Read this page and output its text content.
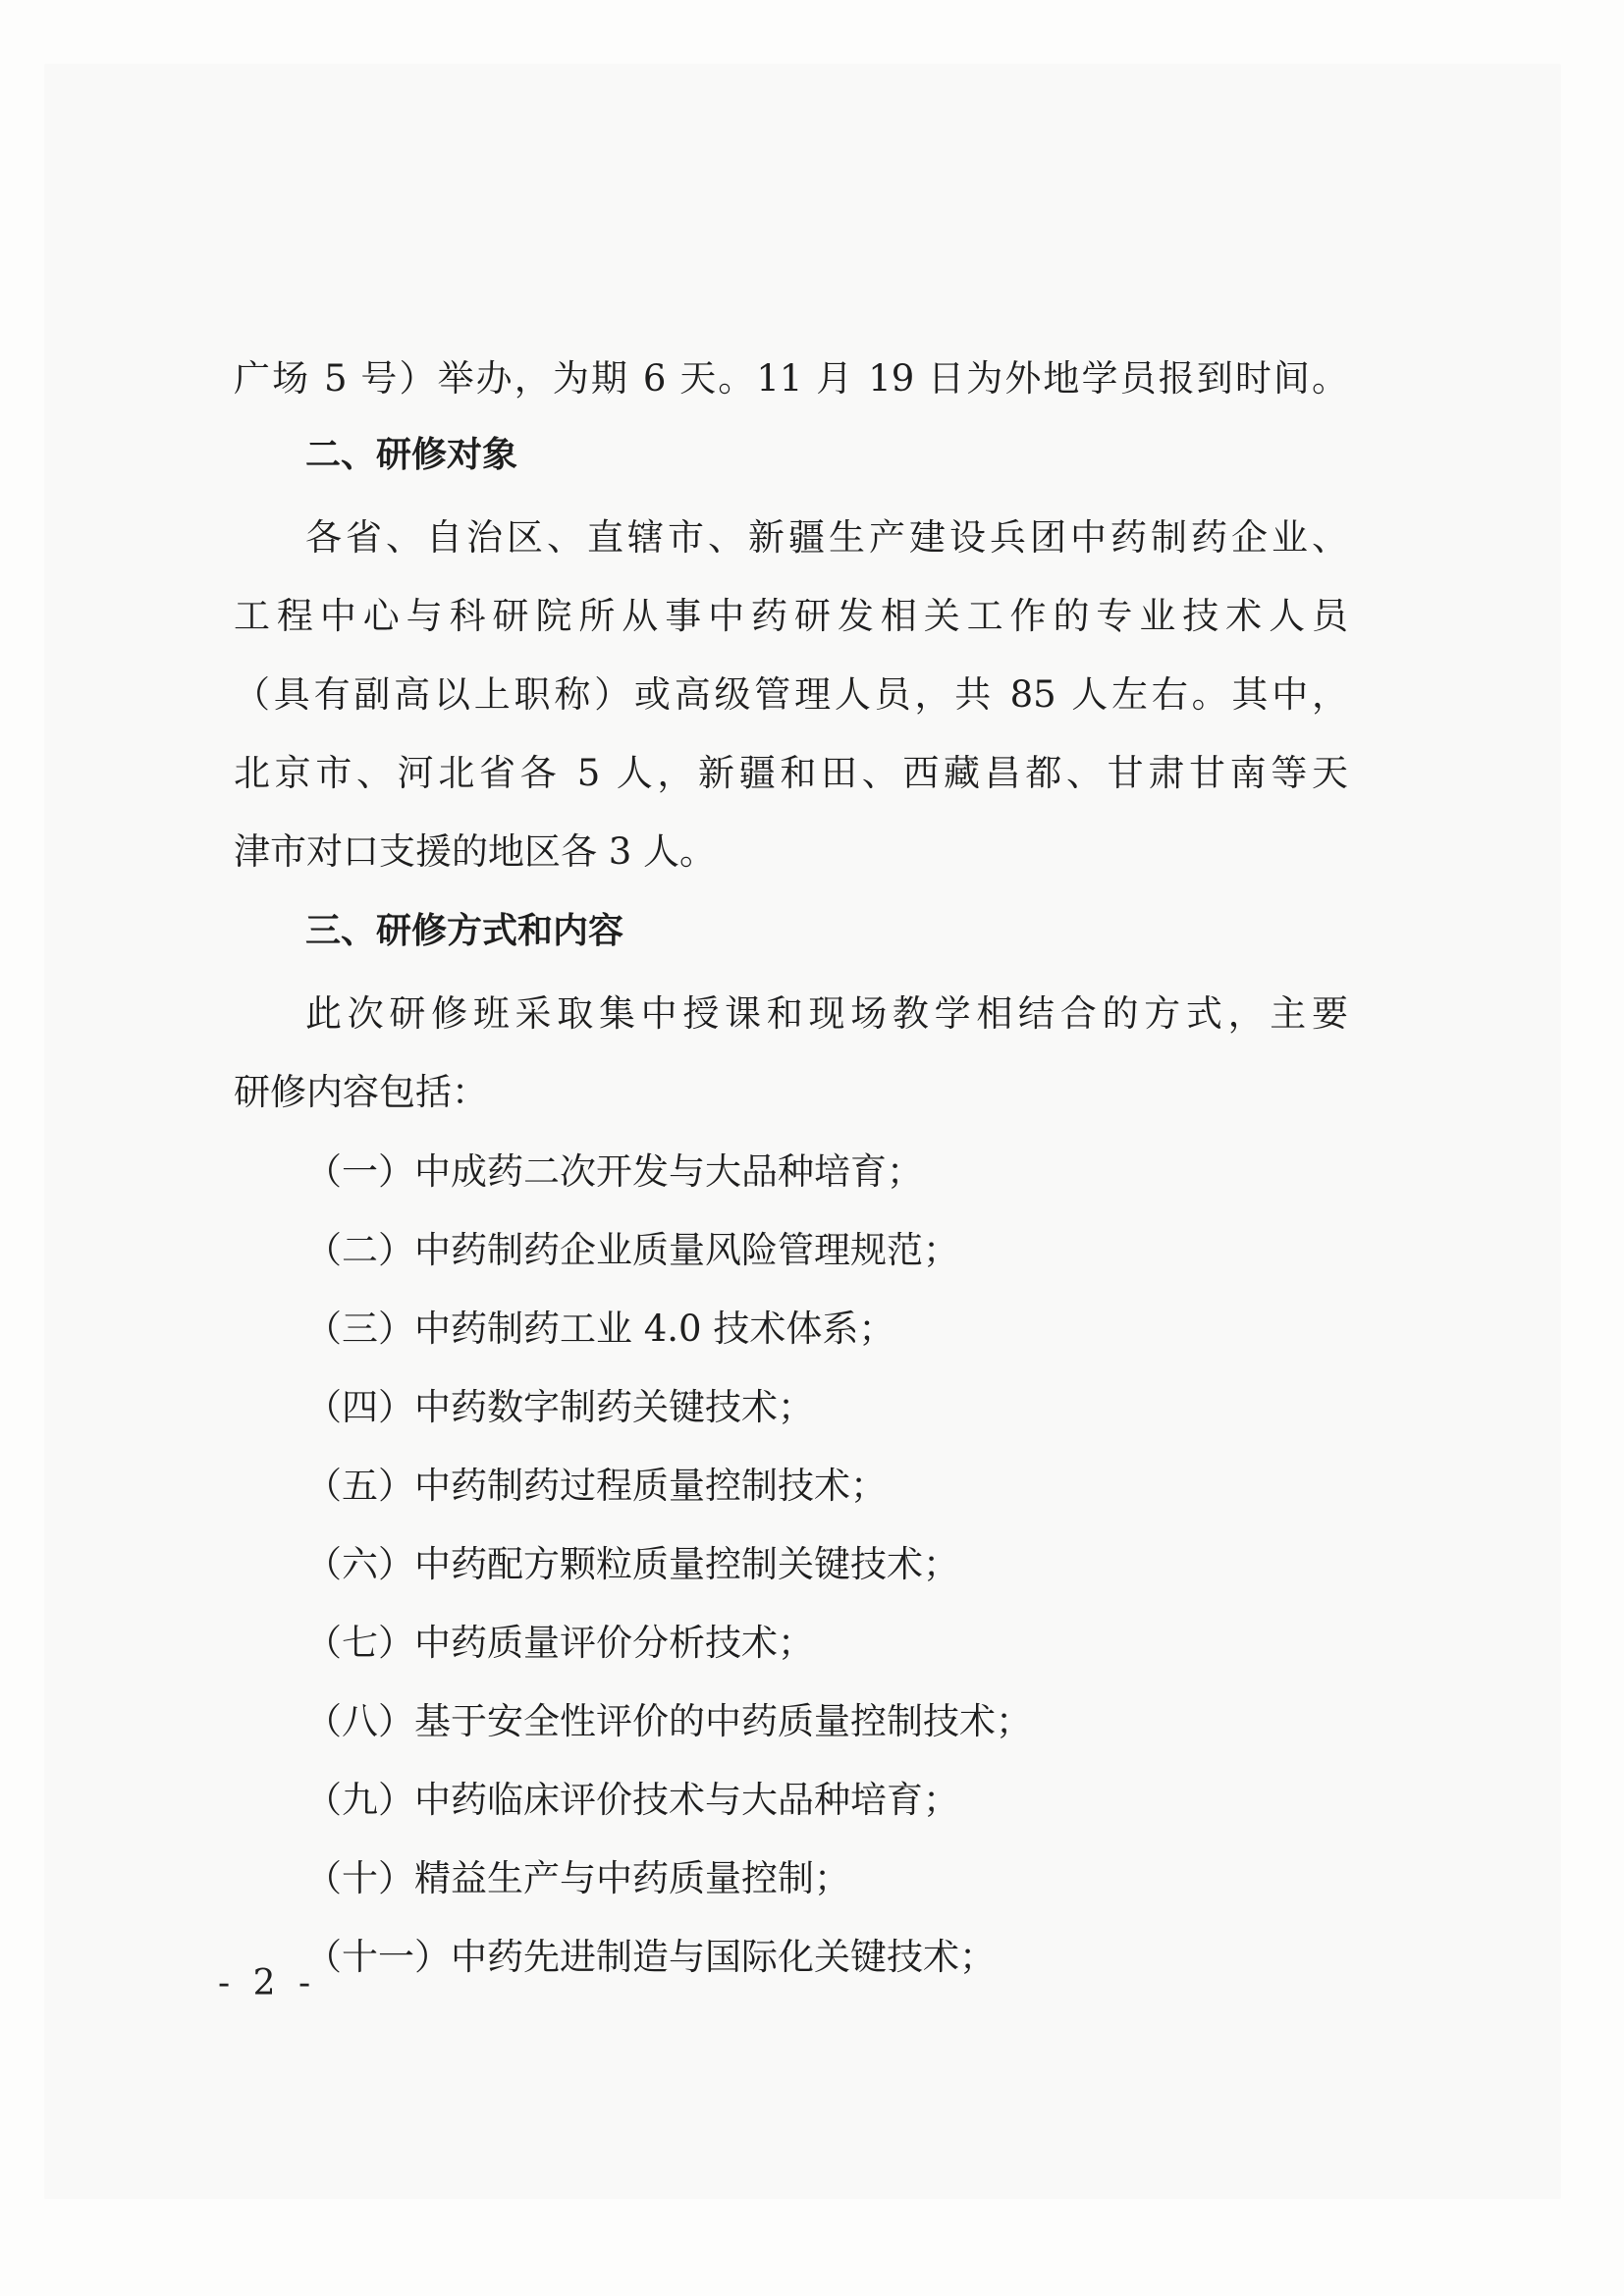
广场 5 号）举办，为期 6 天。11 月 19 日为外地学员报到时间。
二、研修对象
各省、自治区、直辖市、新疆生产建设兵团中药制药企业、
工程中心与科研院所从事中药研发相关工作的专业技术人员
（具有副高以上职称）或高级管理人员，共 85 人左右。其中，
北京市、河北省各 5 人，新疆和田、西藏昌都、甘肃甘南等天
津市对口支援的地区各 3 人。
三、研修方式和内容
此次研修班采取集中授课和现场教学相结合的方式，主要
研修内容包括：
（一）中成药二次开发与大品种培育；
（二）中药制药企业质量风险管理规范；
（三）中药制药工业 4.0 技术体系；
（四）中药数字制药关键技术；
（五）中药制药过程质量控制技术；
（六）中药配方颗粒质量控制关键技术；
（七）中药质量评价分析技术；
（八）基于安全性评价的中药质量控制技术；
（九）中药临床评价技术与大品种培育；
（十）精益生产与中药质量控制；
（十一）中药先进制造与国际化关键技术；
- 2 -
